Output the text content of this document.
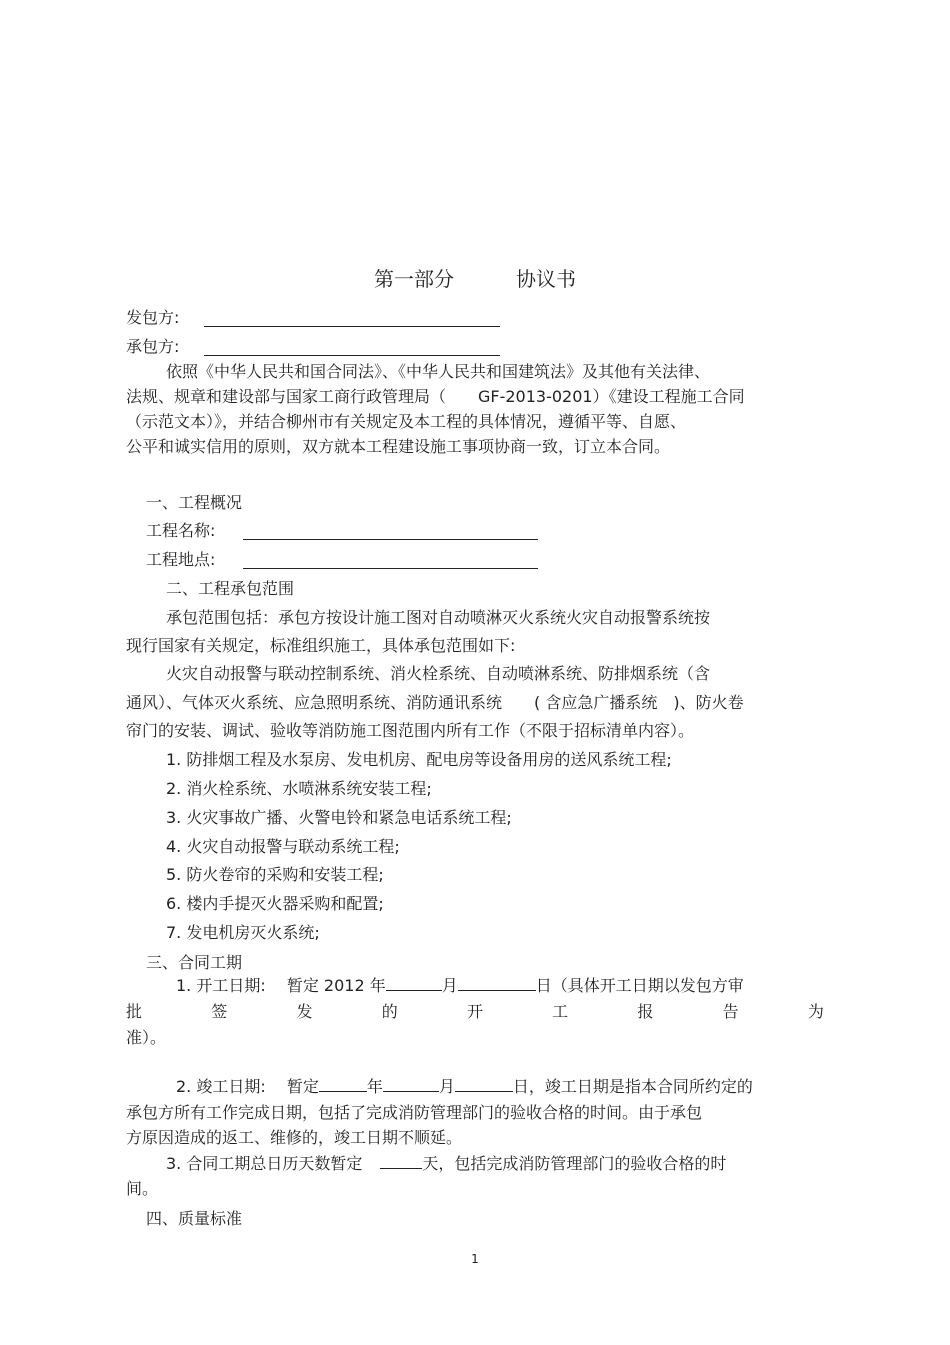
第一部分	协议书
发包方:
承包方:
依照《中华人民共和国合同法》、《中华人民共和国建筑法》及其他有关法律、
法规、规章和建设部与国家工商行政管理局（　　GF-2013-0201）《建设工程施工合同
（示范文本）》，并结合柳州市有关规定及本工程的具体情况，遵循平等、自愿、
公平和诚实信用的原则，双方就本工程建设施工事项协商一致，订立本合同。
一、工程概况
工程名称:
工程地点:
二、工程承包范围
承包范围包括：承包方按设计施工图对自动喷淋灭火系统火灾自动报警系统按
现行国家有关规定，标准组织施工，具体承包范围如下:
火灾自动报警与联动控制系统、消火栓系统、自动喷淋系统、防排烟系统（含
通风）、气体灭火系统、应急照明系统、消防通讯系统　　( 含应急广播系统　)、防火卷
帘门的安装、调试、验收等消防施工图范围内所有工作（不限于招标清单内容）。
1. 防排烟工程及水泵房、发电机房、配电房等设备用房的送风系统工程;
2. 消火栓系统、水喷淋系统安装工程;
3. 火灾事故广播、火警电铃和紧急电话系统工程;
4. 火灾自动报警与联动系统工程;
5. 防火卷帘的采购和安装工程;
6. 楼内手提灭火器采购和配置;
7. 发电机房灭火系统;
三、合同工期
1. 开工日期:　 暂定 2012 年	月	日（具体开工日期以发包方审
批	签	发	的	开	工	报	告	为
准）。
2. 竣工日期:　 暂定	年	月	日，竣工日期是指本合同所约定的
承包方所有工作完成日期，包括了完成消防管理部门的验收合格的时间。由于承包
方原因造成的返工、维修的，竣工日期不顺延。
3. 合同工期总日历天数暂定	天，包括完成消防管理部门的验收合格的时
间。
四、质量标准
1
